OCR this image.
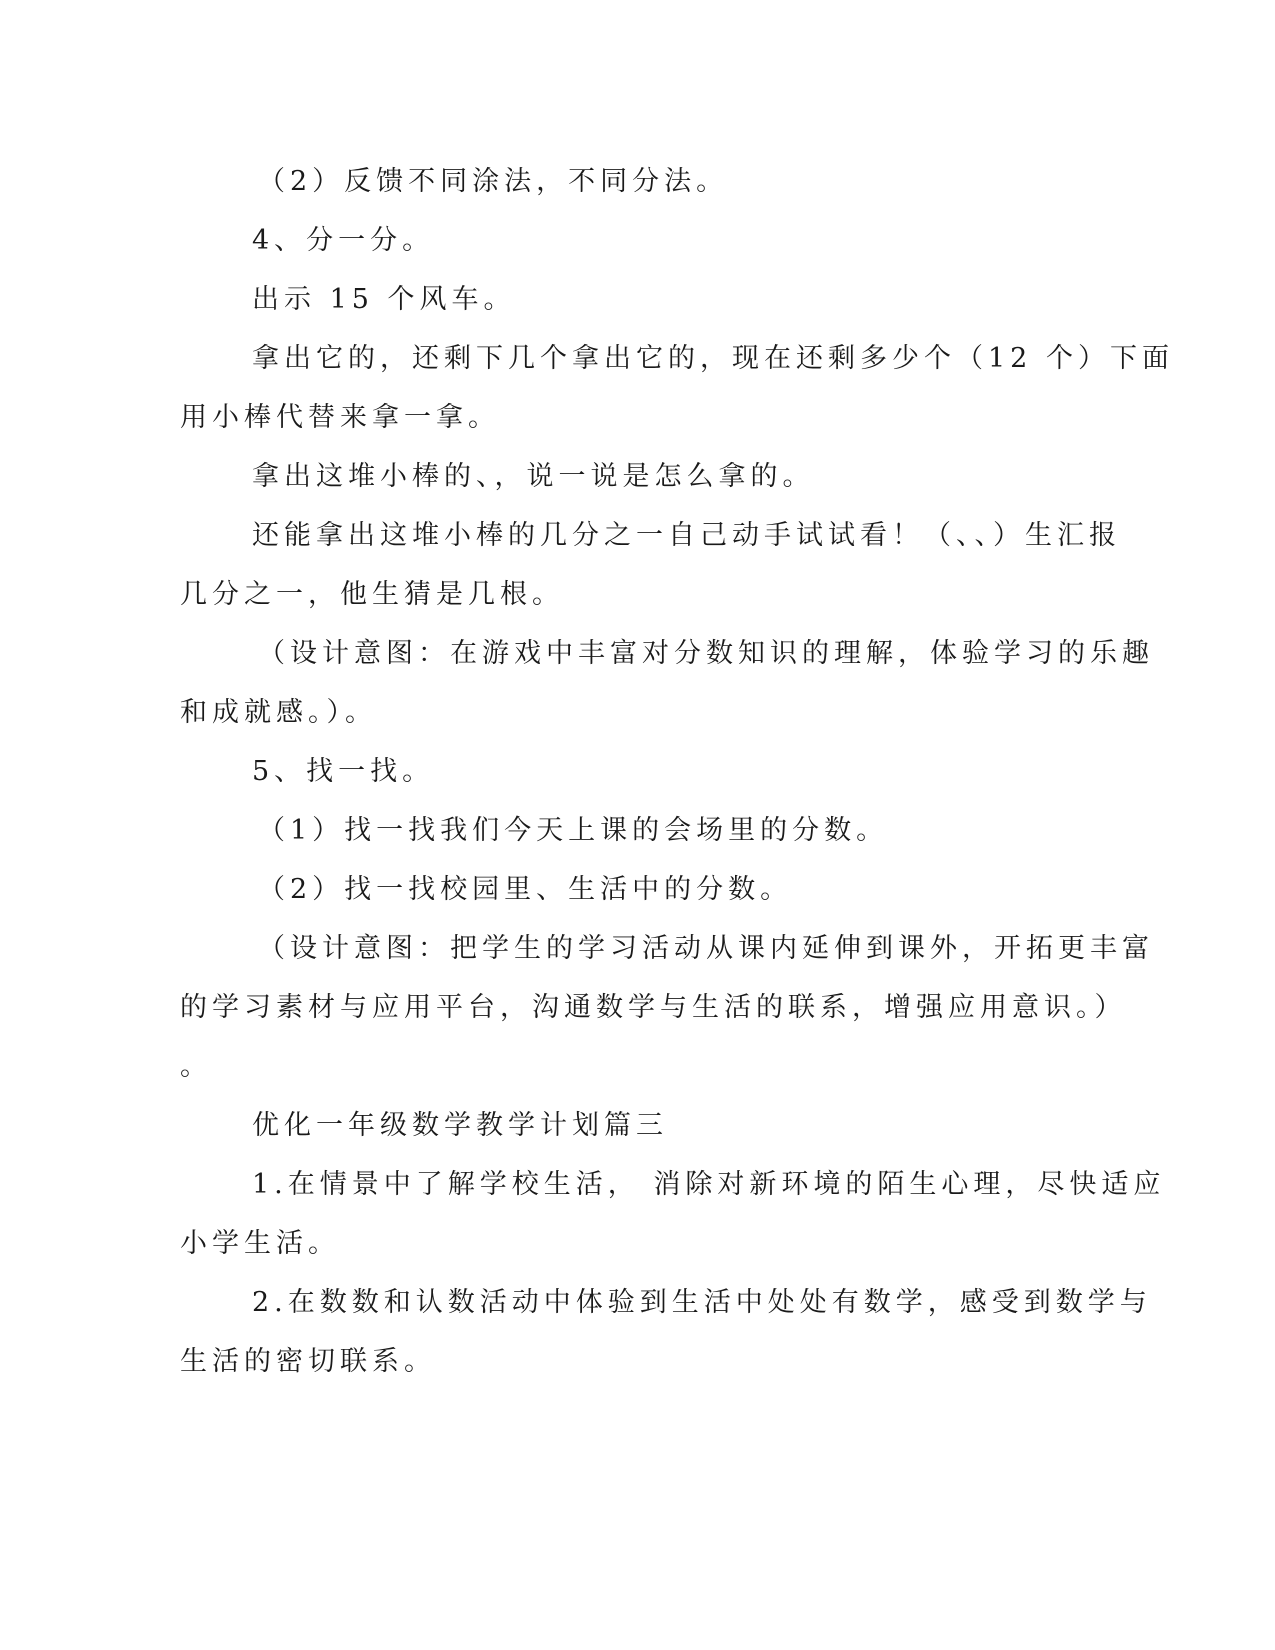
（2）反馈不同涂法，不同分法。
4、分一分。
出示 15 个风车。
拿出它的，还剩下几个拿出它的，现在还剩多少个（12 个）下面
用小棒代替来拿一拿。
拿出这堆小棒的、，说一说是怎么拿的。
还能拿出这堆小棒的几分之一自己动手试试看！（、、）生汇报
几分之一，他生猜是几根。
（设计意图：在游戏中丰富对分数知识的理解，体验学习的乐趣
和成就感。）。
5、找一找。
（1）找一找我们今天上课的会场里的分数。
（2）找一找校园里、生活中的分数。
（设计意图：把学生的学习活动从课内延伸到课外，开拓更丰富
的学习素材与应用平台，沟通数学与生活的联系，增强应用意识。）
。
优化一年级数学教学计划篇三
1.在情景中了解学校生活， 消除对新环境的陌生心理，尽快适应
小学生活。
2.在数数和认数活动中体验到生活中处处有数学，感受到数学与
生活的密切联系。
